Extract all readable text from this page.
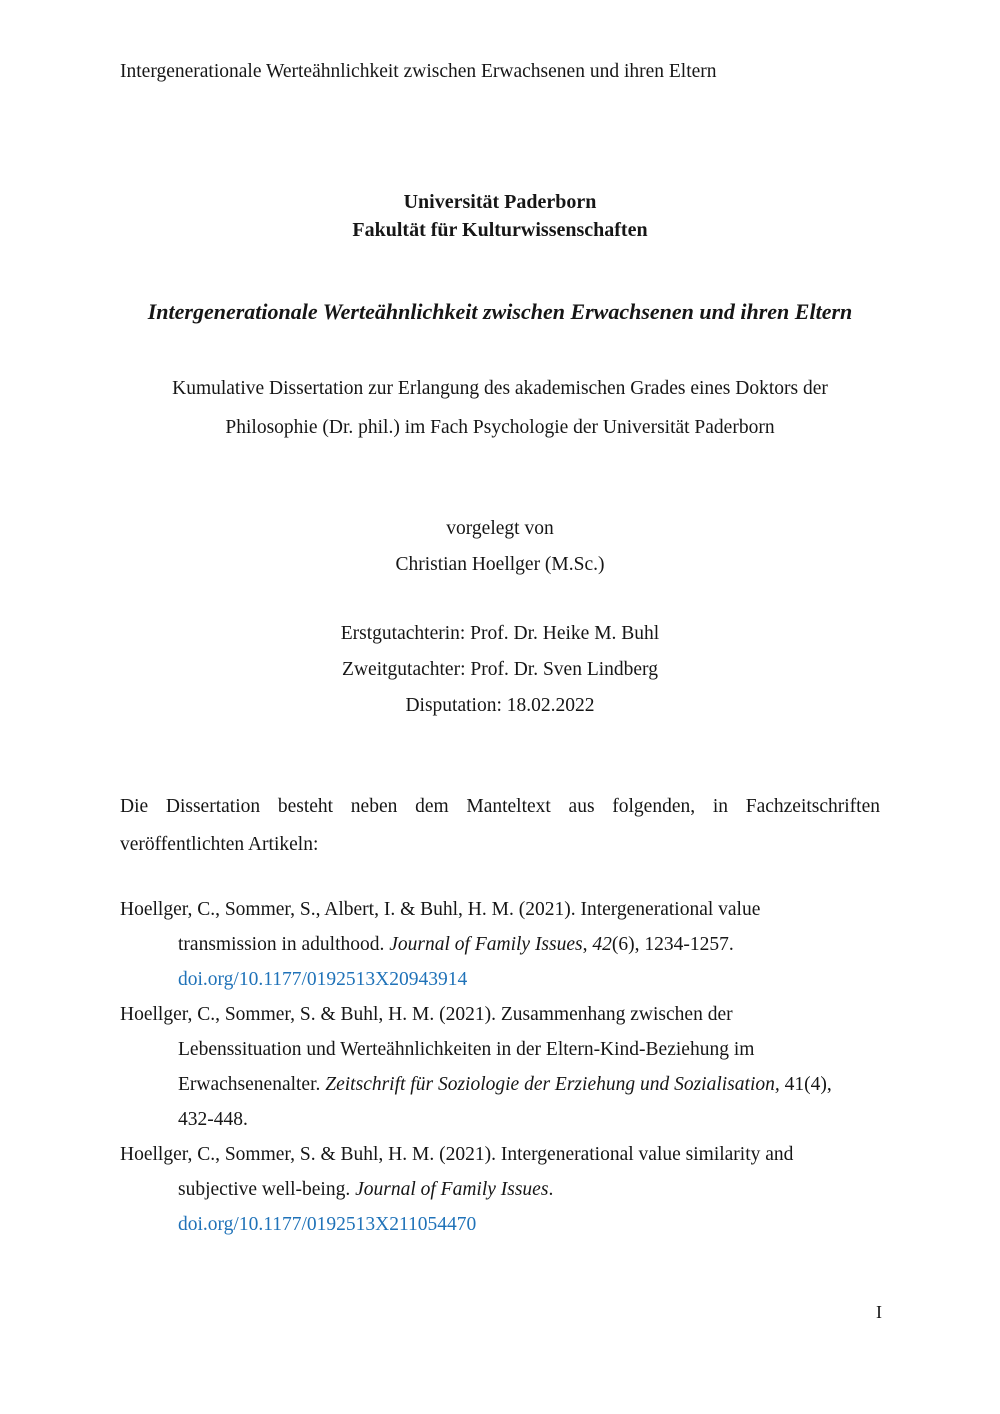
Intergenerationale Werteähnlichkeit zwischen Erwachsenen und ihren Eltern
Universität Paderborn
Fakultät für Kulturwissenschaften
Intergenerationale Werteähnlichkeit zwischen Erwachsenen und ihren Eltern
Kumulative Dissertation zur Erlangung des akademischen Grades eines Doktors der
Philosophie (Dr. phil.) im Fach Psychologie der Universität Paderborn
vorgelegt von
Christian Hoellger (M.Sc.)
Erstgutachterin: Prof. Dr. Heike M. Buhl
Zweitgutachter: Prof. Dr. Sven Lindberg
Disputation: 18.02.2022
Die Dissertation besteht neben dem Manteltext aus folgenden, in Fachzeitschriften
veröffentlichten Artikeln:
Hoellger, C., Sommer, S., Albert, I. & Buhl, H. M. (2021). Intergenerational value
transmission in adulthood. Journal of Family Issues, 42(6), 1234-1257.
doi.org/10.1177/0192513X20943914
Hoellger, C., Sommer, S. & Buhl, H. M. (2021). Zusammenhang zwischen der
Lebenssituation und Werteähnlichkeiten in der Eltern-Kind-Beziehung im
Erwachsenenalter. Zeitschrift für Soziologie der Erziehung und Sozialisation, 41(4),
432-448.
Hoellger, C., Sommer, S. & Buhl, H. M. (2021). Intergenerational value similarity and
subjective well-being. Journal of Family Issues.
doi.org/10.1177/0192513X211054470
I
